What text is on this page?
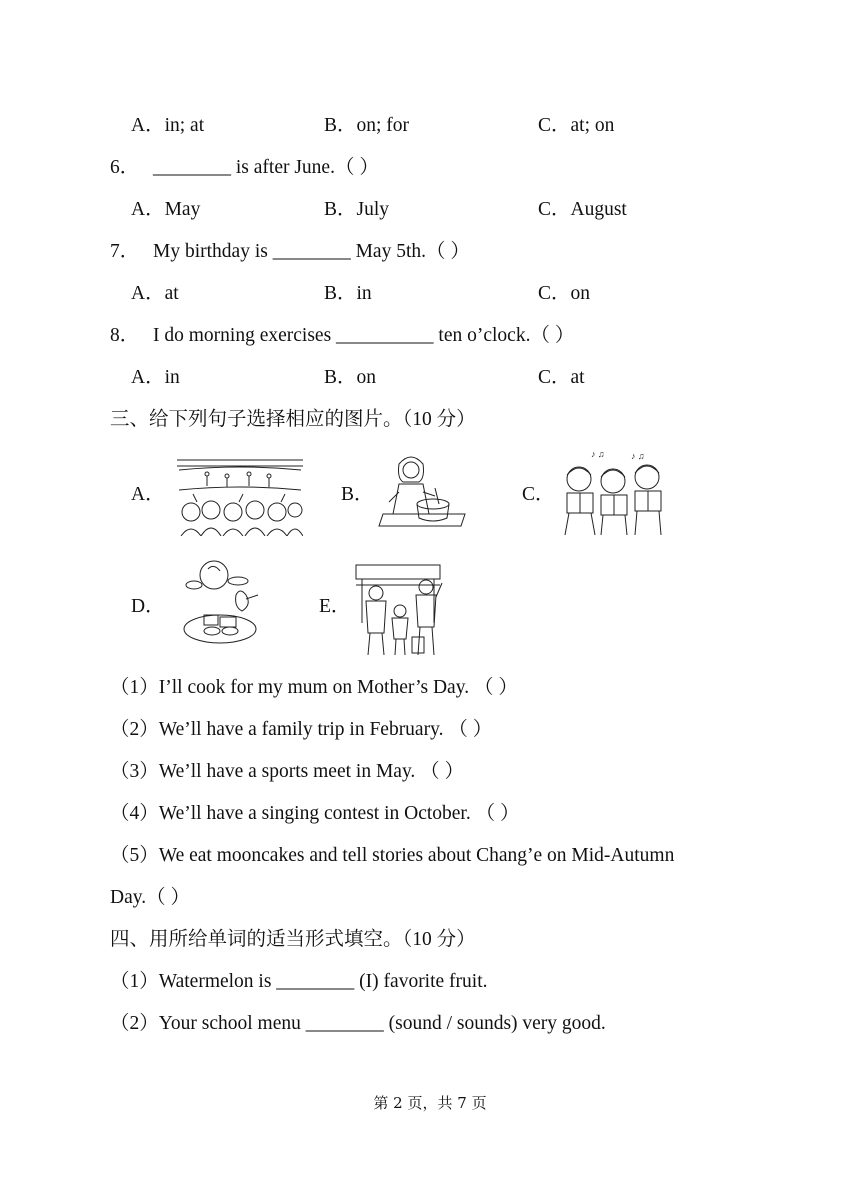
A．in; at	B．on; for	C．at; on
6． ________ is after June.（ ）
A．May	B．July	C．August
7． My birthday is ________ May 5th.（ ）
A．at	B．in	C．on
8． I do morning exercises __________ ten o’clock.（ ）
A．in	B．on	C．at
三、给下列句子选择相应的图片。（10 分）
A．	B．	C．
D．	E．
♪ ♫	♪ ♫
（1）I’ll cook for my mum on Mother’s Day. （ ）
（2）We’ll have a family trip in February. （ ）
（3）We’ll have a sports meet in May. （ ）
（4）We’ll have a singing contest in October. （ ）
（5）We eat mooncakes and tell stories about Chang’e on Mid-Autumn
Day.（ ）
四、用所给单词的适当形式填空。（10 分）
（1）Watermelon is ________ (I) favorite fruit.
（2）Your school menu ________ (sound / sounds) very good.
第 2 页，共 7 页
